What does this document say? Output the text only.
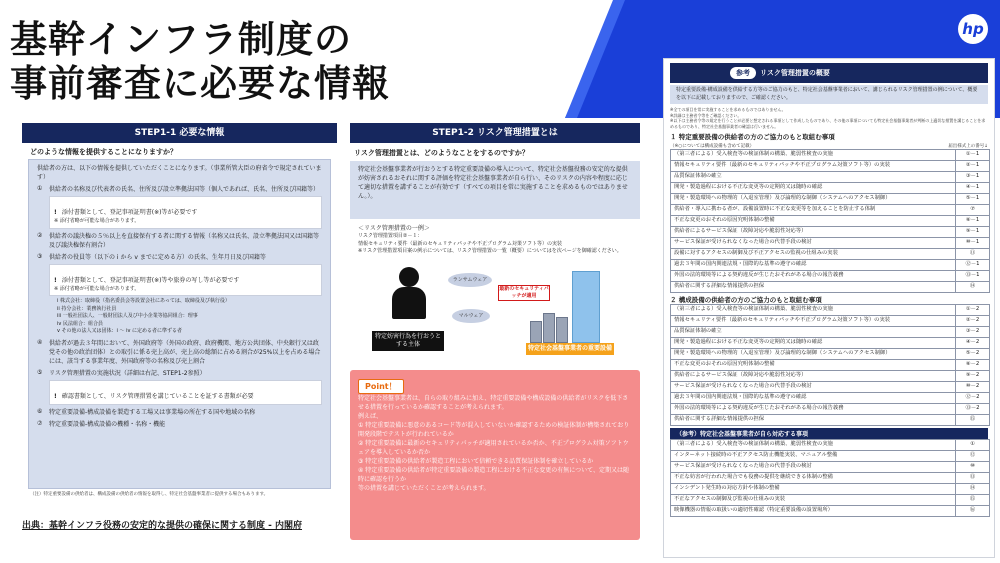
基幹インフラ制度の
事前審査に必要な情報
hp
STEP1-1 必要な情報
どのような情報を提供することになりますか？
供給者の方は、以下の情報を提供していただくことになります。（事業所管大臣の府省令で規定されています）
①	供給者の名称及び代表者の氏名、住所及び設立準拠法国等（個人であれば、氏名、住所及び国籍等）
! 添付書類として、登記事項証明書(※)等が必要です
※ 添付省略が可能な場合があります。
②	供給者の議決権の５％以上を直接保有する者に関する情報（名称又は氏名、設立準拠法国又は国籍等及び議決権保有割合）
③	供給者の役員等（以下の i から v までに定める方）の氏名、生年月日及び国籍等
! 添付書類として、登記事項証明書(※)等や旅券の写し等が必要です
※ 添付省略が可能な場合があります。
i 株式会社：取締役（指名委員会等設置会社にあっては、取締役及び執行役）
ii 持分会社：業務執行社員
iii 一般社団法人、一般財団法人及び中小企業等協同組合：理事
iv 民法組合：組合員
v その他の法人又は団体：i ～ iv に定める者に準ずる者
④	供給者が過去３年間において、外国政府等（外国の政府、政府機関、地方公共団体、中央銀行又は政党その他の政治団体）との取引に係る売上高が、売上高の総額に占める割合が25%以上を占める場合には、該当する事業年度、外国政府等の名称及び売上割合
⑤	リスク管理措置の実施状況（詳細は右記、STEP1-2参照）
! 確認書類として、リスク管理措置を講じていることを証する書類が必要
⑥	特定重要設備-構成設備を製造する工場又は事業場の所在する国や地域の名称
⑦	特定重要設備-構成設備の機種・名称・機能
（注）特定重要設備の供給者は、構成設備の供給者の情報を取得し、特定社会基盤事業者に提供する場合もあります。
出典：基幹インフラ役務の安定的な提供の確保に関する制度 - 内閣府
STEP1-2 リスク管理措置とは
リスク管理措置とは、どのようなことをするのですか？
特定社会基盤事業者が行おうとする特定重要設備の導入について、特定社会基盤役務の安定的な提供が妨害されるおそれに関する評価を特定社会基盤事業者が自ら行い、そのリスクの内容や程度に応じて適切な措置を講ずることが有効です（すべての項目を常に実施することを求めるものではありません。）。
＜リスク管理措置の一例＞
リスク管理措置項目②－１：
情報セキュリティ要件（最新のセキュリティパッチや不正プログラム対策ソフト等）の実装
※リスク管理措置項目案の例示については、リスク管理措置の一覧（概要）についてはを次ページを御確認ください。
特定妨害行為を行おうとする主体
ランサムウェア
マルウェア
最新のセキュリティパッチが適用
特定社会基盤事業者の重要設備
Point！

特定社会基盤事業者は、自らの取り組みに加え、特定重要設備や構成設備の供給者がリスクを低下させる措置を行っているか確認することが考えられます。

例えば、

① 特定重要設備に悪意のあるコード等が混入していないか確認するための検証体制が構築されており開発段階でテストが行われているか

② 特定重要設備に最新のセキュリティパッチが適用されているか否か、不正プログラム対策ソフトウェアを導入しているか否か

③ 特定重要設備の供給者が製造工程において信頼できる品質保証体制を確立しているか

④ 特定重要設備の供給者が特定重要設備の製造工程における不正な変更の有無について、定期又は随時に確認を行うか

等の措置を講じていただくことが考えられます。

参考	リスク管理措置の概要
特定重要設備-構成設備を供給する方等のご協力のもと、特定社会基盤事業者において、講じられるリスク管理措置の例について、概要を以下に記載しておりますので、ご確認ください。
※全ての項目を常に実施することを求めるものではありません。
※詳細は主務省令等をご確認ください。
※以下は主務省令等の規定を行うことが必要と想定される事項として作成したものであり、その他の事項についても特定社会基盤事業者が判断の上適切な措置を講じることを求めるものであり、特定社会基盤事業者の確認は行いません。
１ 特定重要設備の供給者の方のご協力のもと取組む事項
（※○については構成設備も含めて記載）	届出様式上の番号↓
（第三者による）受入検査等の検証体制の構築、脆弱性検査の実施	①－1
情報セキュリティ要件（最新のセキュリティパッチや不正プログラム対策ソフト等）の実装	②－1
品質保証体制の確立	③－1
開発・製造過程における不正な変更等の定期的又は随時の確認	④－1
開発・製造環境への物理的（入退室管理）及び論理的な制御（システムへのアクセス制御）	⑤－1
供給者・導入に携わる者が、設備設置時に不正な変更等を加えることを防止する体制	⑦
不正な変更のおそれの原因究明体制の整備	⑧－1
供給者によるサービス保証（故障対応や脆弱性対応等）	⑨－1
サービス保証が受けられなくなった場合の代替手段の検討	⑩－1
設備に対するアクセスの制御及び不正アクセスの監視の仕組みの実装	⑪
過去３年間の国内関連法規・国際的な基準の遵守の確認	⑫－1
外国の法的環境等による契約違反が生じたおそれがある場合の報告義務	⑬－1
供給者に関する詳細な情報提供の担保	⑭
２ 構成設備の供給者の方のご協力のもと取組む事項
（第三者による）受入検査等の検証体制の構築、脆弱性検査の実施	①－2
情報セキュリティ要件（最新のセキュリティパッチや不正プログラム対策ソフト等）の実装	②－2
品質保証体制の確立	③－2
開発・製造過程における不正な変更等の定期的又は随時の確認	④－2
開発・製造環境への物理的（入退室管理）及び論理的な制御（システムへのアクセス制御）	⑤－2
不正な変更のおそれの原因究明体制の整備	⑧－2
供給者によるサービス保証（故障対応や脆弱性対応等）	⑨－2
サービス保証が受けられなくなった場合の代替手段の検討	⑩－2
過去３年間の国内関連法規・国際的な基準の遵守の確認	⑫－2
外国の法的環境等による契約違反が生じたおそれがある場合の報告義務	⑬－2
供給者に関する詳細な情報提供の担保	⑮
（参考）特定社会基盤事業者が自ら対応する事項
（第三者による）受入検査等の検証体制の構築、脆弱性検査の実施	①
インターネット接続時の不正アクセス防止機能実装、マニュアル整備	⑫
サービス保証が受けられなくなった場合の代替手段の検討	⑩
不正な妨害が行われた場合でも役務の提供を継続できる体制の整備	⑬
インシデント発生時の対応方針や体制の整備	⑭
不正なアクセスの制御及び監視の仕組みの実装	⑮
映像機器の情報の取扱いの適切性確認（特定重要設備の設置場所）	⑯
